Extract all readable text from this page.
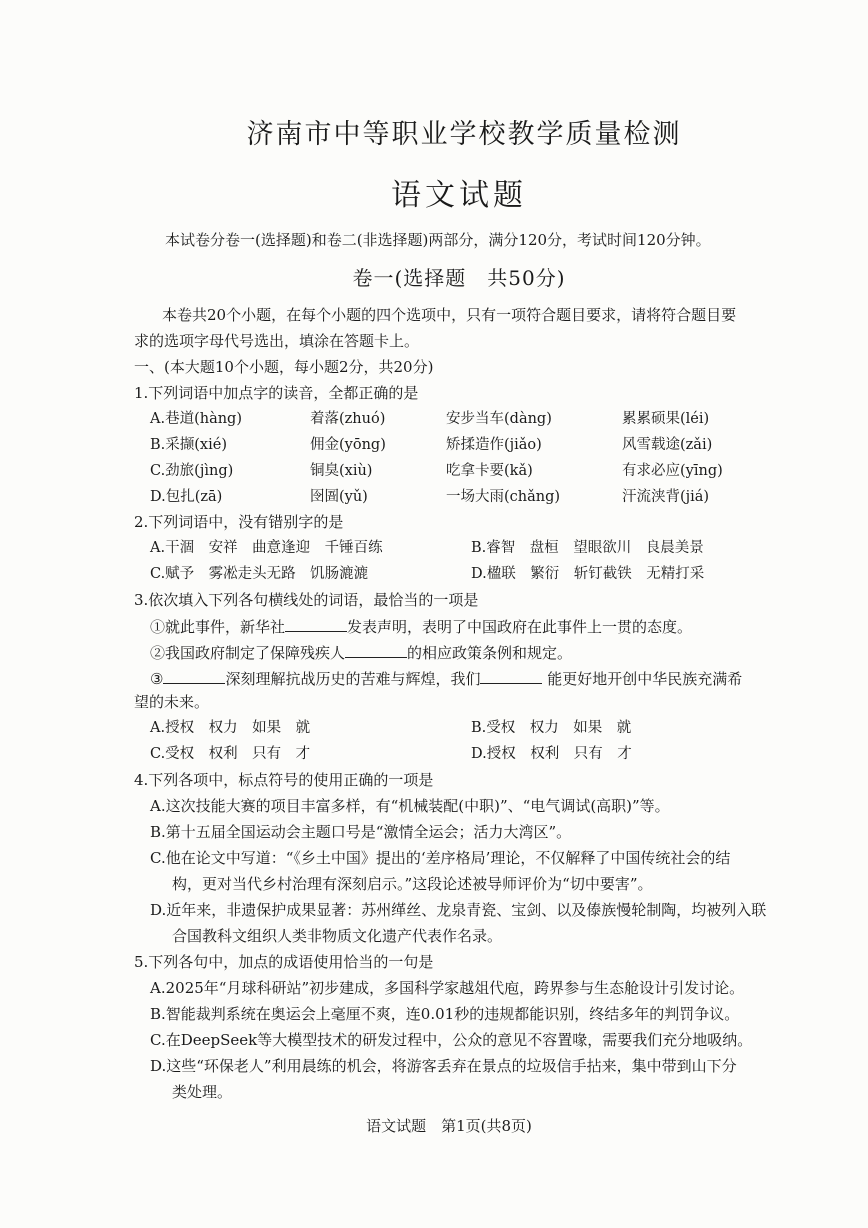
济南市中等职业学校教学质量检测
语文试题
本试卷分卷一(选择题)和卷二(非选择题)两部分，满分120分，考试时间120分钟。
卷一(选择题　共50分)
本卷共20个小题，在每个小题的四个选项中，只有一项符合题目要求，请将符合题目要
求的选项字母代号选出，填涂在答题卡上。
一、(本大题10个小题，每小题2分，共20分)
1.下列词语中加点字的读音，全都正确的是
A.巷道(hàng)	着落(zhuó)	安步当车(dàng)	累累硕果(léi)
B.采撷(xié)	佣金(yōng)	矫揉造作(jiǎo)	风雪载途(zǎi)
C.劲旅(jìng)	铜臭(xiù)	吃拿卡要(kǎ)	有求必应(yīng)
D.包扎(zā)	囹圄(yǔ)	一场大雨(chǎng)	汗流浃背(jiá)
2.下列词语中，没有错别字的是
A.干涸　安祥　曲意逢迎　千锤百练	B.睿智　盘桓　望眼欲川　良晨美景
C.赋予　雾凇走头无路　饥肠漉漉	D.楹联　繁衍　斩钉截铁　无精打采
3.依次填入下列各句横线处的词语，最恰当的一项是
①就此事件，新华社	发表声明，表明了中国政府在此事件上一贯的态度。
②我国政府制定了保障残疾人	的相应政策条例和规定。
③	深刻理解抗战历史的苦难与辉煌，我们	能更好地开创中华民族充满希
望的未来。
A.授权　权力　如果　就	B.受权　权力　如果　就
C.受权　权利　只有　才	D.授权　权利　只有　才
4.下列各项中，标点符号的使用正确的一项是
A.这次技能大赛的项目丰富多样，有“机械装配(中职)”、“电气调试(高职)”等。
B.第十五届全国运动会主题口号是“激情全运会；活力大湾区”。
C.他在论文中写道：“《乡土中国》提出的‘差序格局’理论，不仅解释了中国传统社会的结
构，更对当代乡村治理有深刻启示。”这段论述被导师评价为“切中要害”。
D.近年来，非遗保护成果显著：苏州缂丝、龙泉青瓷、宝剑、以及傣族慢轮制陶，均被列入联
合国教科文组织人类非物质文化遗产代表作名录。
5.下列各句中，加点的成语使用恰当的一句是
A.2025年“月球科研站”初步建成，多国科学家越俎代庖，跨界参与生态舱设计引发讨论。
B.智能裁判系统在奥运会上毫厘不爽，连0.01秒的违规都能识别，终结多年的判罚争议。
C.在DeepSeek等大模型技术的研发过程中，公众的意见不容置喙，需要我们充分地吸纳。
D.这些“环保老人”利用晨练的机会，将游客丢弃在景点的垃圾信手拈来，集中带到山下分
类处理。
语文试题　第1页(共8页)
